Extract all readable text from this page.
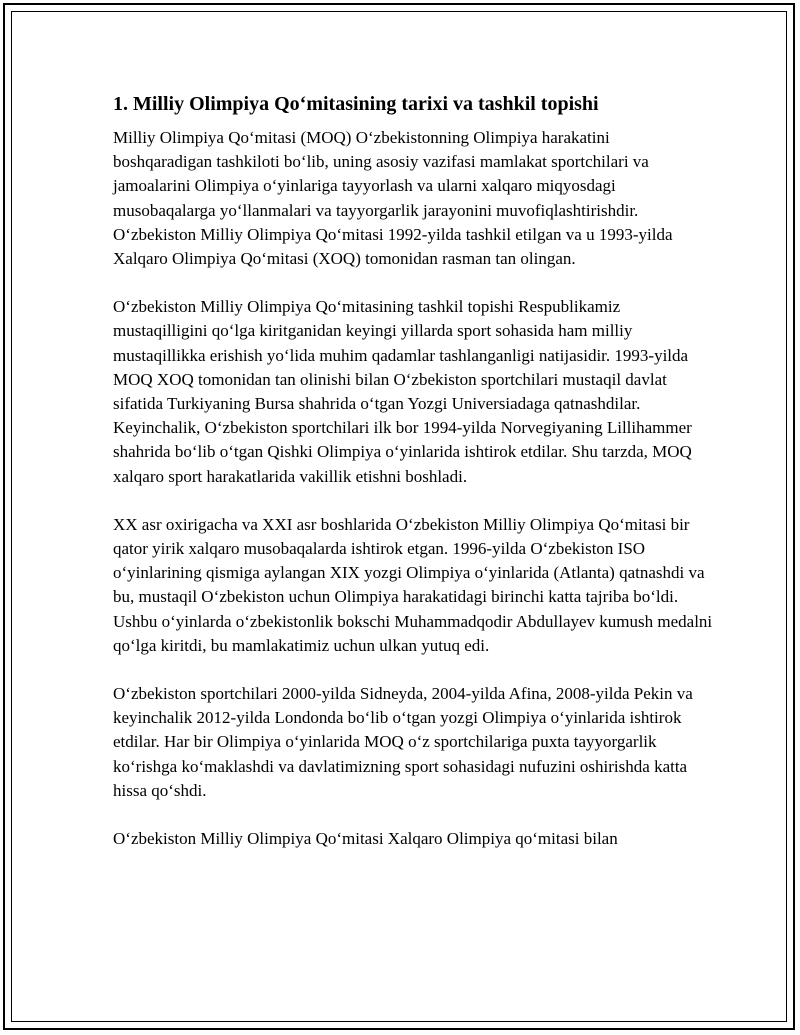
1. Milliy Olimpiya Qo‘mitasining tarixi va tashkil topishi

Milliy Olimpiya Qo‘mitasi (MOQ) O‘zbekistonning Olimpiya harakatini boshqaradigan tashkiloti bo‘lib, uning asosiy vazifasi mamlakat sportchilari va jamoalarini Olimpiya o‘yinlariga tayyorlash va ularni xalqaro miqyosdagi musobaqalarga yo‘llanmalari va tayyorgarlik jarayonini muvofiqlashtirishdir. O‘zbekiston Milliy Olimpiya Qo‘mitasi 1992-yilda tashkil etilgan va u 1993-yilda Xalqaro Olimpiya Qo‘mitasi (XOQ) tomonidan rasman tan olingan.

O‘zbekiston Milliy Olimpiya Qo‘mitasining tashkil topishi Respublikamiz mustaqilligini qo‘lga kiritganidan keyingi yillarda sport sohasida ham milliy mustaqillikka erishish yo‘lida muhim qadamlar tashlanganligi natijasidir. 1993-yilda MOQ XOQ tomonidan tan olinishi bilan O‘zbekiston sportchilari mustaqil davlat sifatida Turkiyaning Bursa shahrida o‘tgan Yozgi Universiadaga qatnashdilar. Keyinchalik, O‘zbekiston sportchilari ilk bor 1994-yilda Norvegiyaning Lillihammer shahrida bo‘lib o‘tgan Qishki Olimpiya o‘yinlarida ishtirok etdilar. Shu tarzda, MOQ xalqaro sport harakatlarida vakillik etishni boshladi.

XX asr oxirigacha va XXI asr boshlarida O‘zbekiston Milliy Olimpiya Qo‘mitasi bir qator yirik xalqaro musobaqalarda ishtirok etgan. 1996-yilda O‘zbekiston ISO o‘yinlarining qismiga aylangan XIX yozgi Olimpiya o‘yinlarida (Atlanta) qatnashdi va bu, mustaqil O‘zbekiston uchun Olimpiya harakatidagi birinchi katta tajriba bo‘ldi. Ushbu o‘yinlarda o‘zbekistonlik bokschi Muhammadqodir Abdullayev kumush medalni qo‘lga kiritdi, bu mamlakatimiz uchun ulkan yutuq edi.

O‘zbekiston sportchilari 2000-yilda Sidneyda, 2004-yilda Afina, 2008-yilda Pekin va keyinchalik 2012-yilda Londonda bo‘lib o‘tgan yozgi Olimpiya o‘yinlarida ishtirok etdilar. Har bir Olimpiya o‘yinlarida MOQ o‘z sportchilariga puxta tayyorgarlik ko‘rishga ko‘maklashdi va davlatimizning sport sohasidagi nufuzini oshirishda katta hissa qo‘shdi.

O‘zbekiston Milliy Olimpiya Qo‘mitasi Xalqaro Olimpiya qo‘mitasi bilan
